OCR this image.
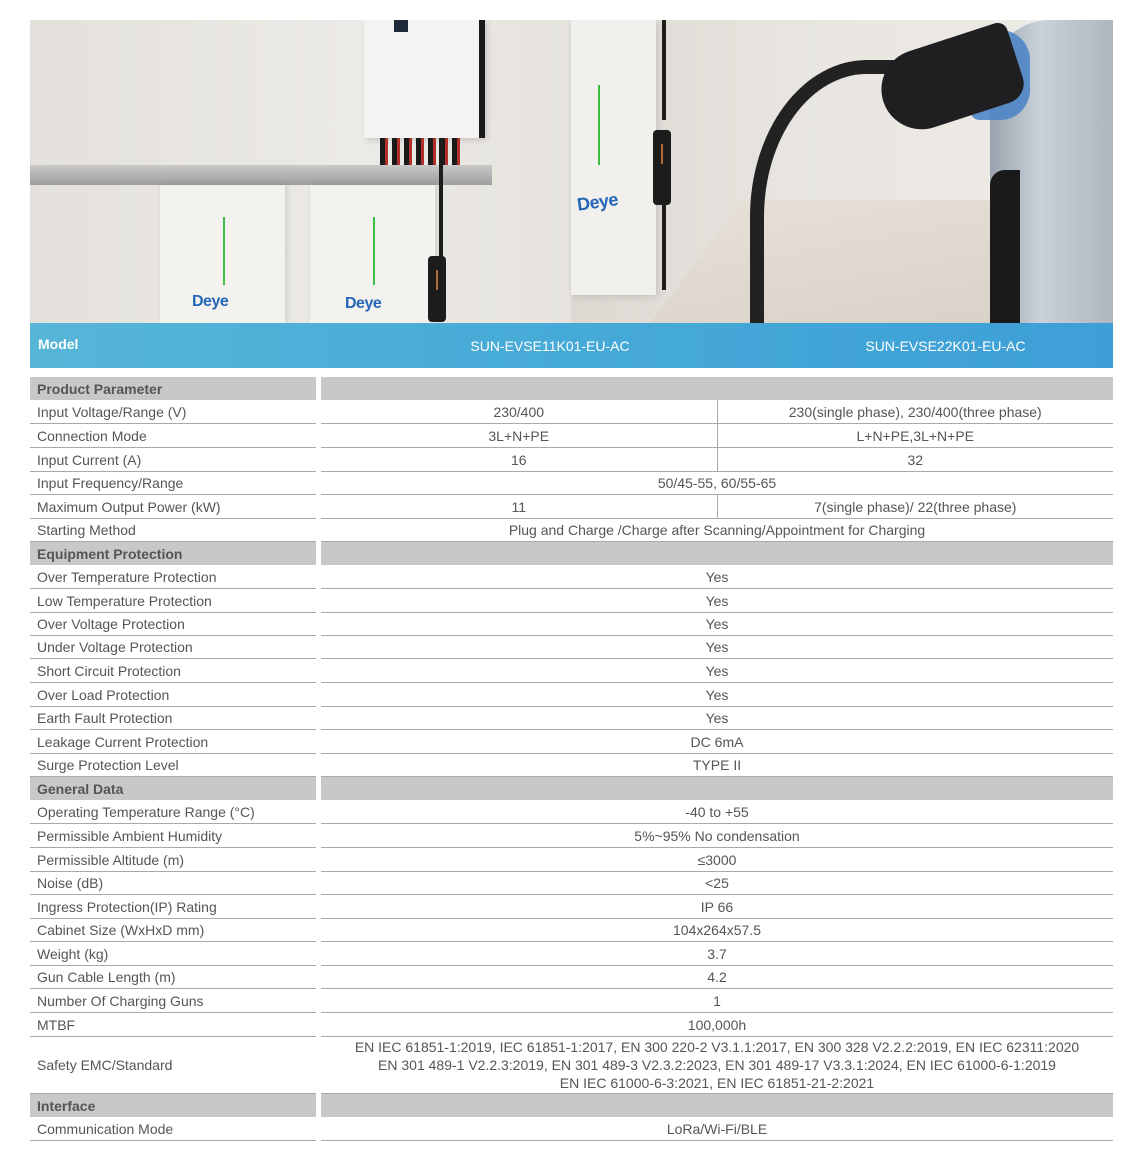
Deye	Deye
Deye
Model	SUN-EVSE11K01-EU-AC	SUN-EVSE22K01-EU-AC
Product Parameter
Input Voltage/Range (V)	230/400	230(single phase), 230/400(three phase)
Connection Mode	3L+N+PE	L+N+PE,3L+N+PE
Input Current (A)	16	32
Input Frequency/Range	50/45-55, 60/55-65
Maximum Output Power (kW)	11	7(single phase)/ 22(three phase)
Starting Method	Plug and Charge /Charge after Scanning/Appointment for Charging
Equipment Protection
Over Temperature Protection	Yes
Low Temperature Protection	Yes
Over Voltage Protection	Yes
Under Voltage Protection	Yes
Short Circuit Protection	Yes
Over Load Protection	Yes
Earth Fault Protection	Yes
Leakage Current Protection	DC 6mA
Surge Protection Level	TYPE II
General Data
Operating Temperature Range (°C)	-40 to +55
Permissible Ambient Humidity	5%~95% No condensation
Permissible Altitude (m)	≤3000
Noise (dB)	<25
Ingress Protection(IP) Rating	IP 66
Cabinet Size (WxHxD mm)	104x264x57.5
Weight (kg)	3.7
Gun Cable Length (m)	4.2
Number Of Charging Guns	1
MTBF	100,000h
Safety EMC/Standard
EN IEC 61851-1:2019, IEC 61851-1:2017, EN 300 220-2 V3.1.1:2017, EN 300 328 V2.2.2:2019, EN IEC 62311:2020
EN 301 489-1 V2.2.3:2019, EN 301 489-3 V2.3.2:2023, EN 301 489-17 V3.3.1:2024, EN IEC 61000-6-1:2019
EN IEC 61000-6-3:2021, EN IEC 61851-21-2:2021
Interface
Communication Mode	LoRa/Wi-Fi/BLE
